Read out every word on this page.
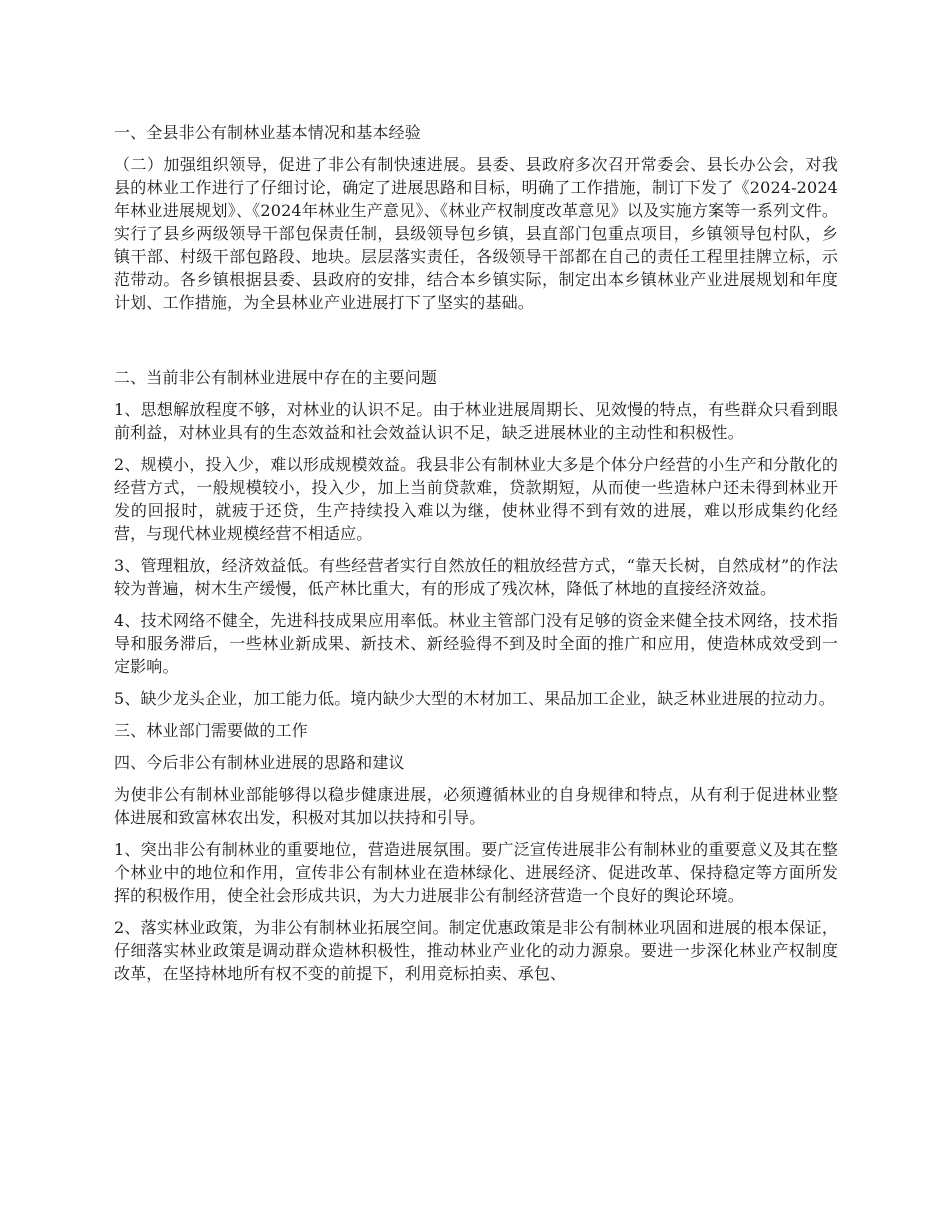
一、全县非公有制林业基本情况和基本经验

（二）加强组织领导，促进了非公有制快速进展。县委、县政府多次召开常委会、县长办公会，对我县的林业工作进行了仔细讨论，确定了进展思路和目标，明确了工作措施，制订下发了《2024-2024年林业进展规划》、《2024年林业生产意见》、《林业产权制度改革意见》以及实施方案等一系列文件。实行了县乡两级领导干部包保责任制，县级领导包乡镇，县直部门包重点项目，乡镇领导包村队，乡镇干部、村级干部包路段、地块。层层落实责任，各级领导干部都在自己的责任工程里挂牌立标，示范带动。各乡镇根据县委、县政府的安排，结合本乡镇实际，制定出本乡镇林业产业进展规划和年度计划、工作措施，为全县林业产业进展打下了坚实的基础。

二、当前非公有制林业进展中存在的主要问题

1、思想解放程度不够，对林业的认识不足。由于林业进展周期长、见效慢的特点，有些群众只看到眼前利益，对林业具有的生态效益和社会效益认识不足，缺乏进展林业的主动性和积极性。

2、规模小，投入少，难以形成规模效益。我县非公有制林业大多是个体分户经营的小生产和分散化的经营方式，一般规模较小，投入少，加上当前贷款难，贷款期短，从而使一些造林户还未得到林业开发的回报时，就疲于还贷，生产持续投入难以为继，使林业得不到有效的进展，难以形成集约化经营，与现代林业规模经营不相适应。

3、管理粗放，经济效益低。有些经营者实行自然放任的粗放经营方式，“靠天长树，自然成材”的作法较为普遍，树木生产缓慢，低产林比重大，有的形成了残次林，降低了林地的直接经济效益。

4、技术网络不健全，先进科技成果应用率低。林业主管部门没有足够的资金来健全技术网络，技术指导和服务滞后，一些林业新成果、新技术、新经验得不到及时全面的推广和应用，使造林成效受到一定影响。

5、缺少龙头企业，加工能力低。境内缺少大型的木材加工、果品加工企业，缺乏林业进展的拉动力。

三、林业部门需要做的工作

四、今后非公有制林业进展的思路和建议

为使非公有制林业部能够得以稳步健康进展，必须遵循林业的自身规律和特点，从有利于促进林业整体进展和致富林农出发，积极对其加以扶持和引导。

1、突出非公有制林业的重要地位，营造进展氛围。要广泛宣传进展非公有制林业的重要意义及其在整个林业中的地位和作用，宣传非公有制林业在造林绿化、进展经济、促进改革、保持稳定等方面所发挥的积极作用，使全社会形成共识，为大力进展非公有制经济营造一个良好的舆论环境。

2、落实林业政策，为非公有制林业拓展空间。制定优惠政策是非公有制林业巩固和进展的根本保证，仔细落实林业政策是调动群众造林积极性，推动林业产业化的动力源泉。要进一步深化林业产权制度改革，在坚持林地所有权不变的前提下，利用竞标拍卖、承包、
